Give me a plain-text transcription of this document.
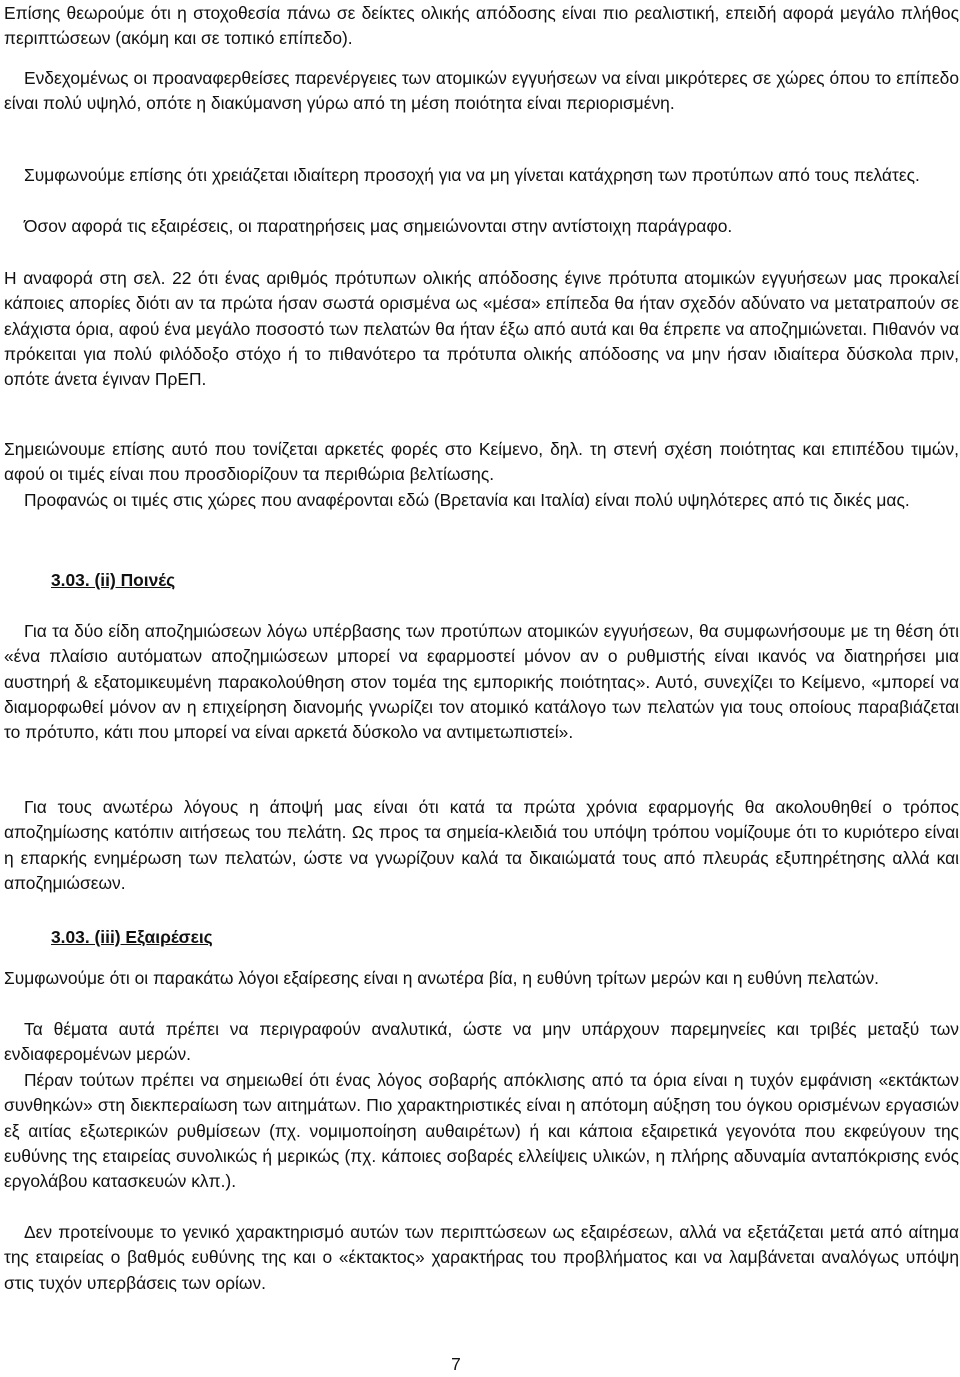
Επίσης θεωρούμε ότι η στοχοθεσία πάνω σε δείκτες ολικής απόδοσης είναι πιο ρεαλιστική, επειδή αφορά μεγάλο πλήθος περιπτώσεων (ακόμη και σε τοπικό επίπεδο).

Ενδεχομένως οι προαναφερθείσες παρενέργειες των ατομικών εγγυήσεων να είναι μικρότερες σε χώρες όπου το επίπεδο είναι πολύ υψηλό, οπότε η διακύμανση γύρω από τη μέση ποιότητα είναι περιορισμένη.

Συμφωνούμε επίσης ότι χρειάζεται ιδιαίτερη προσοχή για να μη γίνεται κατάχρηση των προτύπων από τους πελάτες.

Όσον αφορά τις εξαιρέσεις, οι παρατηρήσεις μας σημειώνονται στην αντίστοιχη παράγραφο.

Η αναφορά στη σελ. 22 ότι ένας αριθμός πρότυπων ολικής απόδοσης έγινε πρότυπα ατομικών εγγυήσεων μας προκαλεί κάποιες απορίες διότι αν τα πρώτα ήσαν σωστά ορισμένα ως «μέσα» επίπεδα θα ήταν σχεδόν αδύνατο να μετατραπούν σε ελάχιστα όρια, αφού ένα μεγάλο ποσοστό των πελατών θα ήταν έξω από αυτά και θα έπρεπε να αποζημιώνεται. Πιθανόν να πρόκειται για πολύ φιλόδοξο στόχο ή το πιθανότερο τα πρότυπα ολικής απόδοσης να μην ήσαν ιδιαίτερα δύσκολα πριν, οπότε άνετα έγιναν ΠρΕΠ.

Σημειώνουμε επίσης αυτό που τονίζεται αρκετές φορές στο Κείμενο, δηλ. τη στενή σχέση ποιότητας και επιπέδου τιμών, αφού οι τιμές είναι που προσδιορίζουν τα περιθώρια βελτίωσης.

Προφανώς οι τιμές στις χώρες που αναφέρονται εδώ (Βρετανία και Ιταλία) είναι πολύ υψηλότερες από τις δικές μας.

3.03. (ii) Ποινές

Για τα δύο είδη αποζημιώσεων λόγω υπέρβασης των προτύπων ατομικών εγγυήσεων, θα συμφωνήσουμε με τη θέση ότι «ένα πλαίσιο αυτόματων αποζημιώσεων μπορεί να εφαρμοστεί μόνον αν ο ρυθμιστής είναι ικανός να διατηρήσει μια αυστηρή & εξατομικευμένη παρακολούθηση στον τομέα της εμπορικής ποιότητας». Αυτό, συνεχίζει το Κείμενο, «μπορεί να διαμορφωθεί μόνον αν η επιχείρηση διανομής γνωρίζει τον ατομικό κατάλογο των πελατών για τους οποίους παραβιάζεται το πρότυπο, κάτι που μπορεί να είναι αρκετά δύσκολο να αντιμετωπιστεί».

Για τους ανωτέρω λόγους η άποψή μας είναι ότι κατά τα πρώτα χρόνια εφαρμογής θα ακολουθηθεί ο τρόπος αποζημίωσης κατόπιν αιτήσεως του πελάτη. Ως προς τα σημεία-κλειδιά του υπόψη τρόπου νομίζουμε ότι το κυριότερο είναι η επαρκής ενημέρωση των πελατών, ώστε να γνωρίζουν καλά τα δικαιώματά τους από πλευράς εξυπηρέτησης αλλά και αποζημιώσεων.

3.03. (iii) Εξαιρέσεις

Συμφωνούμε ότι οι παρακάτω λόγοι εξαίρεσης είναι η ανωτέρα βία, η ευθύνη τρίτων μερών και η ευθύνη πελατών.

Τα θέματα αυτά πρέπει να περιγραφούν αναλυτικά, ώστε να μην υπάρχουν παρεμηνείες και τριβές μεταξύ των ενδιαφερομένων μερών.

Πέραν τούτων πρέπει να σημειωθεί ότι ένας λόγος σοβαρής απόκλισης από τα όρια είναι η τυχόν εμφάνιση «εκτάκτων συνθηκών» στη διεκπεραίωση των αιτημάτων. Πιο χαρακτηριστικές είναι η απότομη αύξηση του όγκου ορισμένων εργασιών εξ αιτίας εξωτερικών ρυθμίσεων (πχ. νομιμοποίηση αυθαιρέτων) ή και κάποια εξαιρετικά γεγονότα που εκφεύγουν της ευθύνης της εταιρείας συνολικώς ή μερικώς (πχ. κάποιες σοβαρές ελλείψεις υλικών, η πλήρης αδυναμία ανταπόκρισης ενός εργολάβου κατασκευών κλπ.).

Δεν προτείνουμε το γενικό χαρακτηρισμό αυτών των περιπτώσεων ως εξαιρέσεων, αλλά να εξετάζεται μετά από αίτημα της εταιρείας ο βαθμός ευθύνης της και ο «έκτακτος» χαρακτήρας του προβλήματος και να λαμβάνεται αναλόγως υπόψη στις τυχόν υπερβάσεις των ορίων.

7
